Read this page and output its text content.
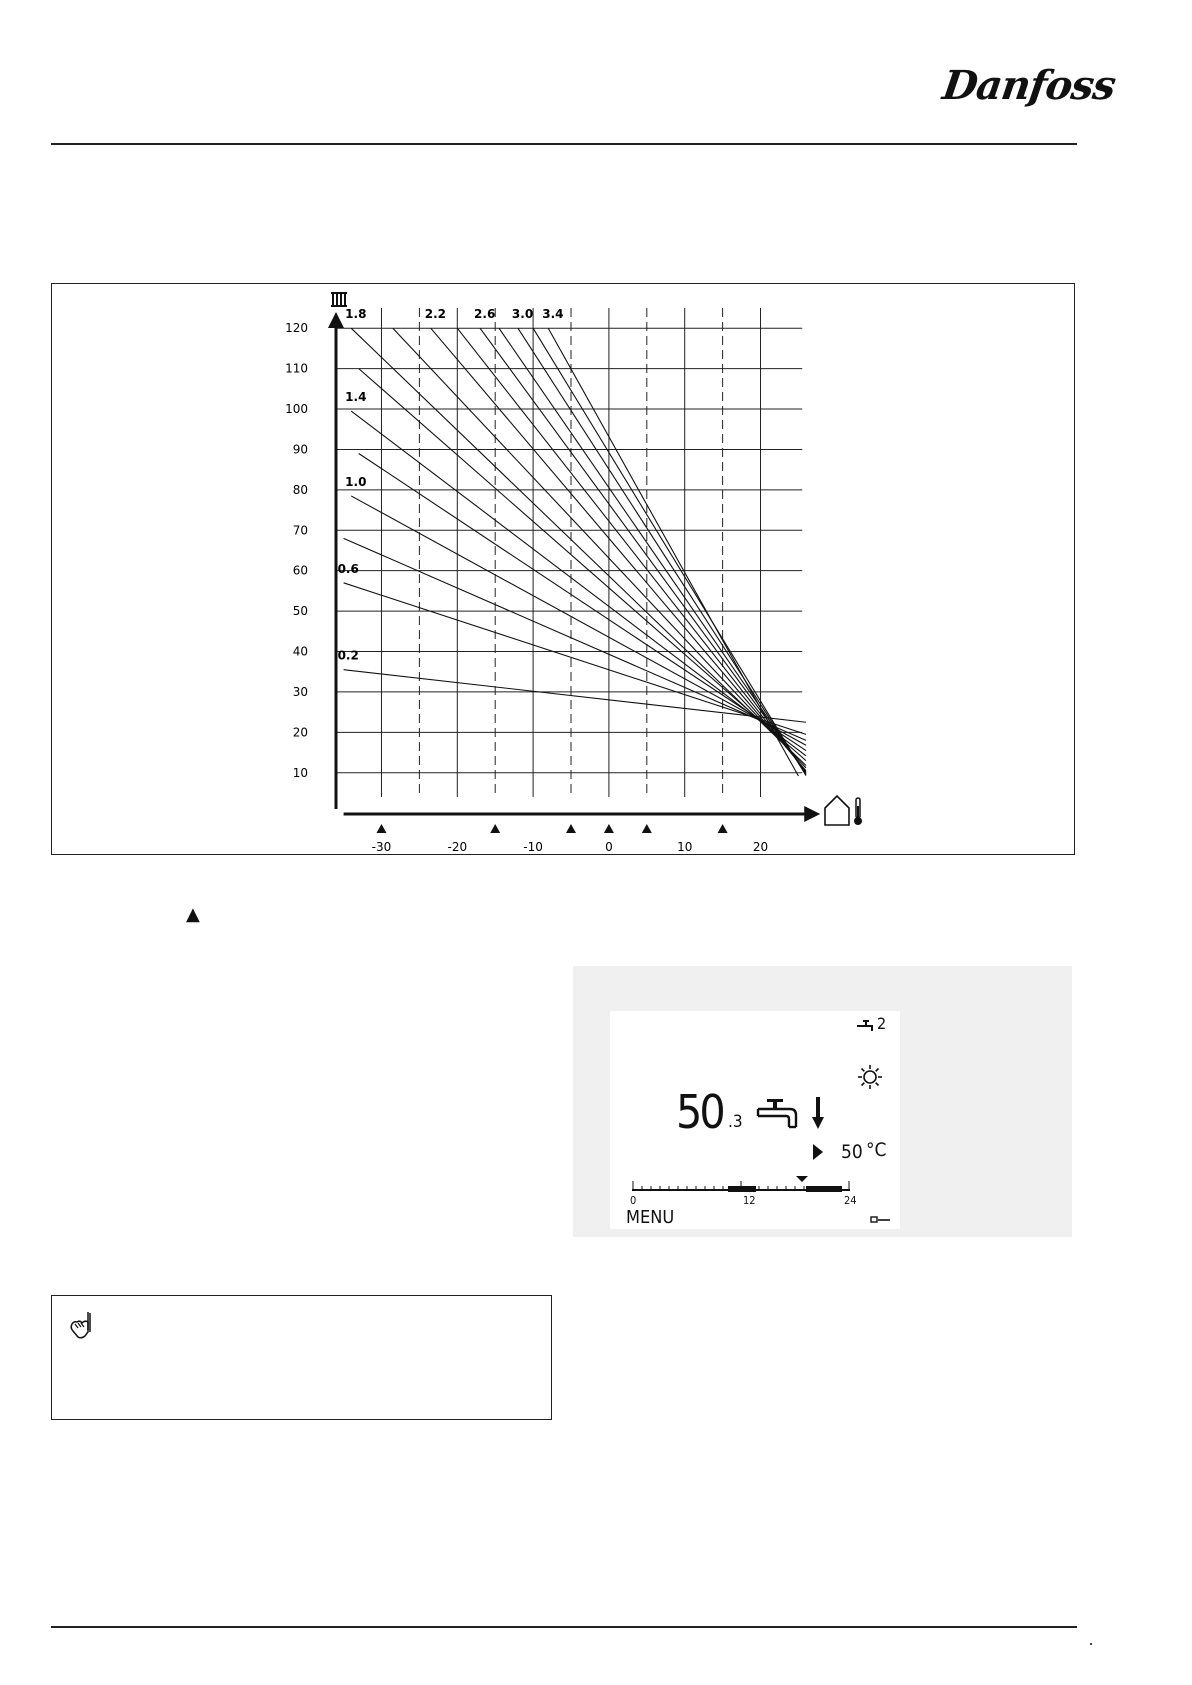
Danfoss
10
20
30
40
50
60
70
80
90
100
110
120
0.2
0.6
1.0
1.4
1.8	2.2 2.6 3.0 3.4
-30	-20	-10	0	10	20
▲
2
50 .3
50 °C
0	12	24
MENU
